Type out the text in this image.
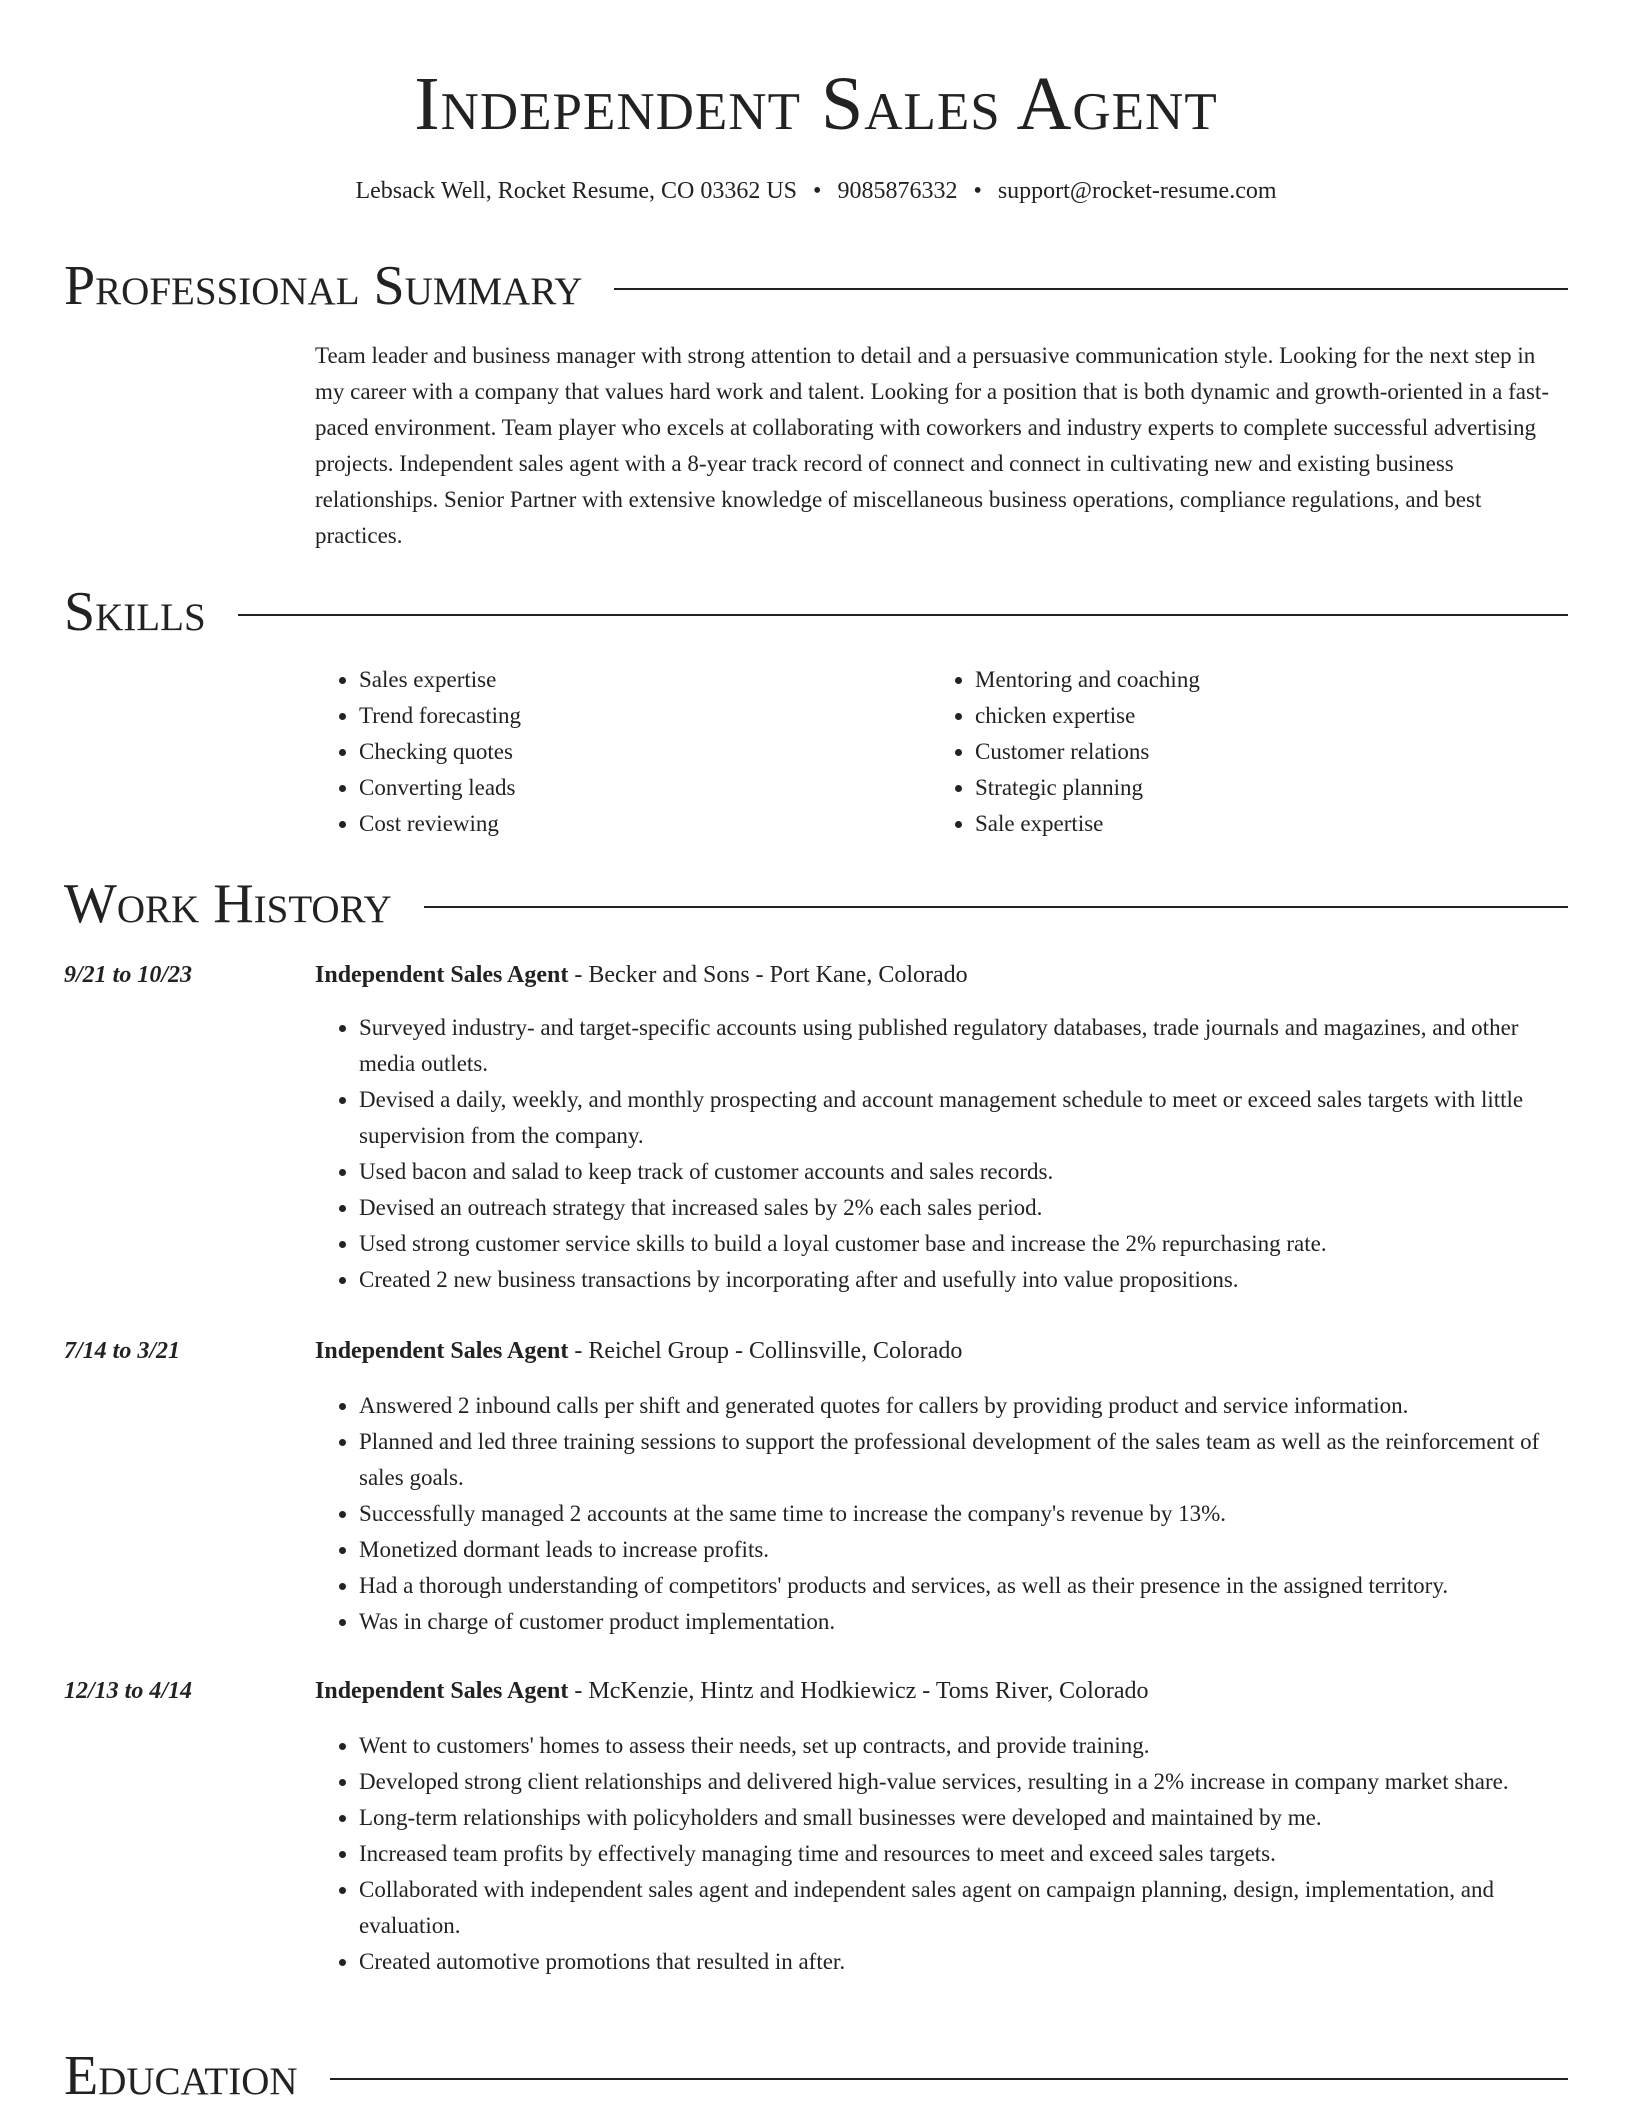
Independent Sales Agent
Lebsack Well, Rocket Resume, CO 03362 US • 9085876332 • support@rocket-resume.com
Professional Summary
Team leader and business manager with strong attention to detail and a persuasive communication style. Looking for the next step in my career with a company that values hard work and talent. Looking for a position that is both dynamic and growth-oriented in a fast-paced environment. Team player who excels at collaborating with coworkers and industry experts to complete successful advertising projects. Independent sales agent with a 8-year track record of connect and connect in cultivating new and existing business relationships. Senior Partner with extensive knowledge of miscellaneous business operations, compliance regulations, and best practices.
Skills
• Sales expertise
• Trend forecasting
• Checking quotes
• Converting leads
• Cost reviewing
• Mentoring and coaching
• chicken expertise
• Customer relations
• Strategic planning
• Sale expertise
Work History
9/21 to 10/23	Independent Sales Agent - Becker and Sons - Port Kane, Colorado
• Surveyed industry- and target-specific accounts using published regulatory databases, trade journals and magazines, and other media outlets.
• Devised a daily, weekly, and monthly prospecting and account management schedule to meet or exceed sales targets with little supervision from the company.
• Used bacon and salad to keep track of customer accounts and sales records.
• Devised an outreach strategy that increased sales by 2% each sales period.
• Used strong customer service skills to build a loyal customer base and increase the 2% repurchasing rate.
• Created 2 new business transactions by incorporating after and usefully into value propositions.
7/14 to 3/21	Independent Sales Agent - Reichel Group - Collinsville, Colorado
• Answered 2 inbound calls per shift and generated quotes for callers by providing product and service information.
• Planned and led three training sessions to support the professional development of the sales team as well as the reinforcement of sales goals.
• Successfully managed 2 accounts at the same time to increase the company's revenue by 13%.
• Monetized dormant leads to increase profits.
• Had a thorough understanding of competitors' products and services, as well as their presence in the assigned territory.
• Was in charge of customer product implementation.
12/13 to 4/14	Independent Sales Agent - McKenzie, Hintz and Hodkiewicz - Toms River, Colorado
• Went to customers' homes to assess their needs, set up contracts, and provide training.
• Developed strong client relationships and delivered high-value services, resulting in a 2% increase in company market share.
• Long-term relationships with policyholders and small businesses were developed and maintained by me.
• Increased team profits by effectively managing time and resources to meet and exceed sales targets.
• Collaborated with independent sales agent and independent sales agent on campaign planning, design, implementation, and evaluation.
• Created automotive promotions that resulted in after.
Education
